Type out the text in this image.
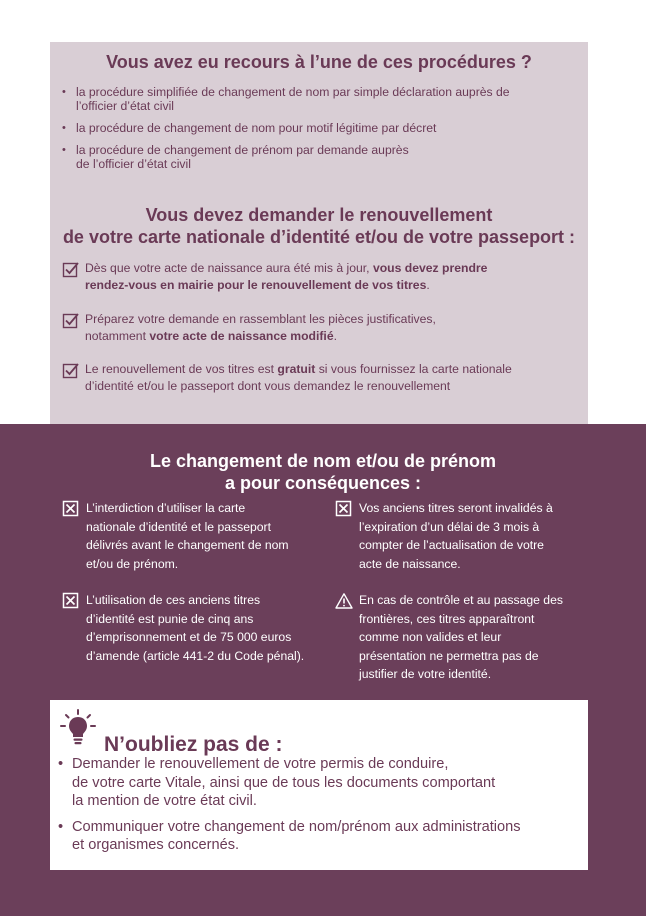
Vous avez eu recours à l’une de ces procédures ?
• la procédure simplifiée de changement de nom par simple déclaration auprès de
l’officier d’état civil
• la procédure de changement de nom pour motif légitime par décret
• la procédure de changement de prénom par demande auprès
de l’officier d’état civil
Vous devez demander le renouvellement
de votre carte nationale d’identité et/ou de votre passeport :
Dès que votre acte de naissance aura été mis à jour, vous devez prendre
rendez-vous en mairie pour le renouvellement de vos titres.
Préparez votre demande en rassemblant les pièces justificatives,
notamment votre acte de naissance modifié.
Le renouvellement de vos titres est gratuit si vous fournissez la carte nationale
d’identité et/ou le passeport dont vous demandez le renouvellement
Le changement de nom et/ou de prénom
a pour conséquences :
L’interdiction d’utiliser la carte
nationale d’identité et le passeport
délivrés avant le changement de nom
et/ou de prénom.
Vos anciens titres seront invalidés à
l’expiration d’un délai de 3 mois à
compter de l’actualisation de votre
acte de naissance.
L’utilisation de ces anciens titres
d’identité est punie de cinq ans
d’emprisonnement et de 75 000 euros
d’amende (article 441-2 du Code pénal).
En cas de contrôle et au passage des
frontières, ces titres apparaîtront
comme non valides et leur
présentation ne permettra pas de
justifier de votre identité.
N’oubliez pas de :
• Demander le renouvellement de votre permis de conduire,
de votre carte Vitale, ainsi que de tous les documents comportant
la mention de votre état civil.
• Communiquer votre changement de nom/prénom aux administrations
et organismes concernés.
